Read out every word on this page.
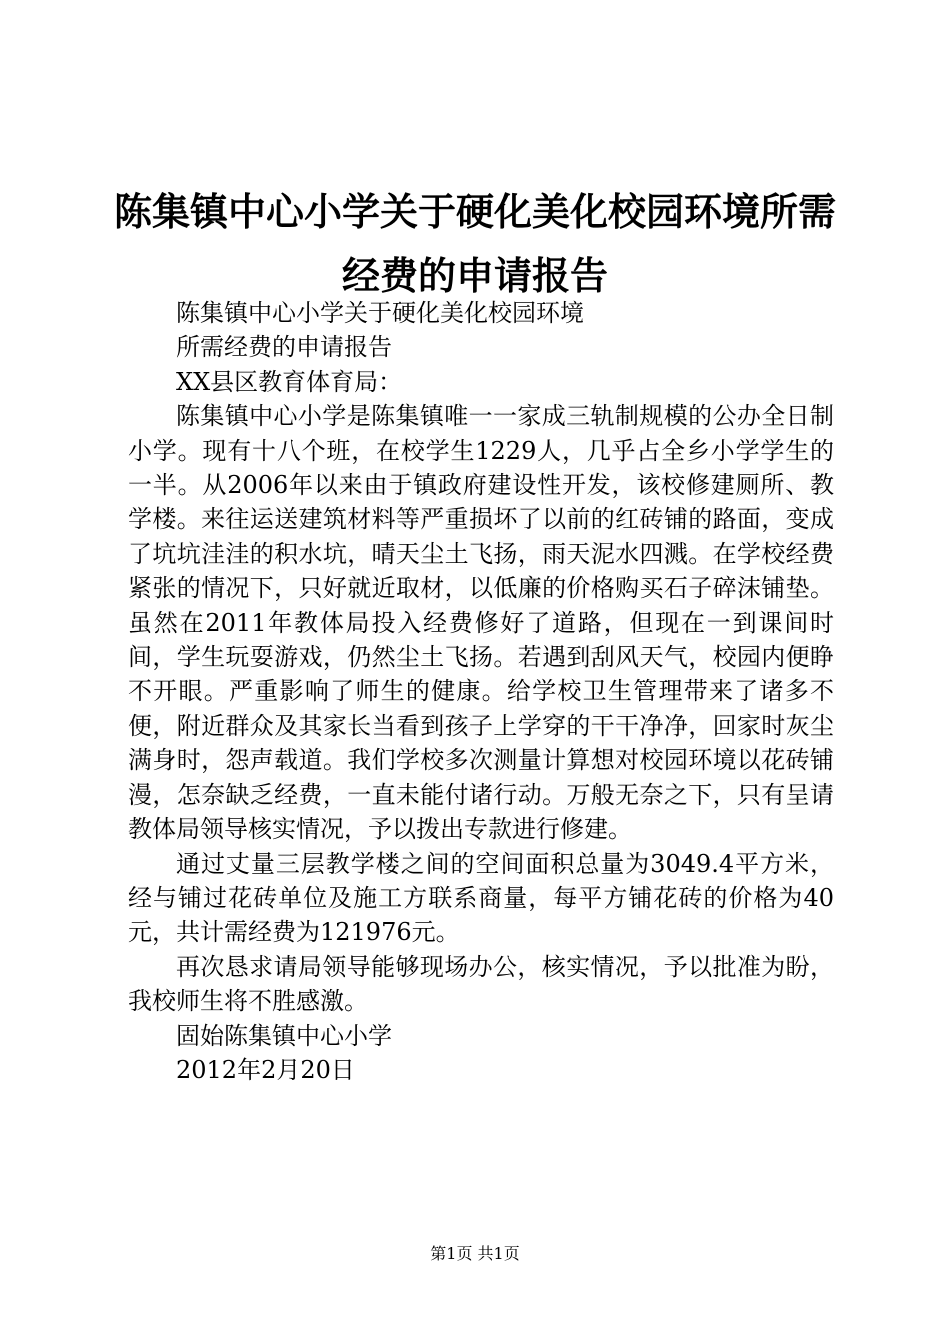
陈集镇中心小学关于硬化美化校园环境所需经费的申请报告

陈集镇中心小学关于硬化美化校园环境

所需经费的申请报告

XX县区教育体育局：

陈集镇中心小学是陈集镇唯一一家成三轨制规模的公办全日制小学。现有十八个班，在校学生1229人，几乎占全乡小学学生的一半。从2006年以来由于镇政府建设性开发，该校修建厕所、教学楼。来往运送建筑材料等严重损坏了以前的红砖铺的路面，变成了坑坑洼洼的积水坑，晴天尘土飞扬，雨天泥水四溅。在学校经费紧张的情况下，只好就近取材，以低廉的价格购买石子碎沫铺垫。虽然在2011年教体局投入经费修好了道路，但现在一到课间时间，学生玩耍游戏，仍然尘土飞扬。若遇到刮风天气，校园内便睁不开眼。严重影响了师生的健康。给学校卫生管理带来了诸多不便，附近群众及其家长当看到孩子上学穿的干干净净，回家时灰尘满身时，怨声载道。我们学校多次测量计算想对校园环境以花砖铺漫，怎奈缺乏经费，一直未能付诸行动。万般无奈之下，只有呈请教体局领导核实情况，予以拨出专款进行修建。

通过丈量三层教学楼之间的空间面积总量为3049.4平方米，经与铺过花砖单位及施工方联系商量，每平方铺花砖的价格为40元，共计需经费为121976元。

再次恳求请局领导能够现场办公，核实情况，予以批准为盼，我校师生将不胜感激。

固始陈集镇中心小学

2012年2月20日

第1页 共1页
